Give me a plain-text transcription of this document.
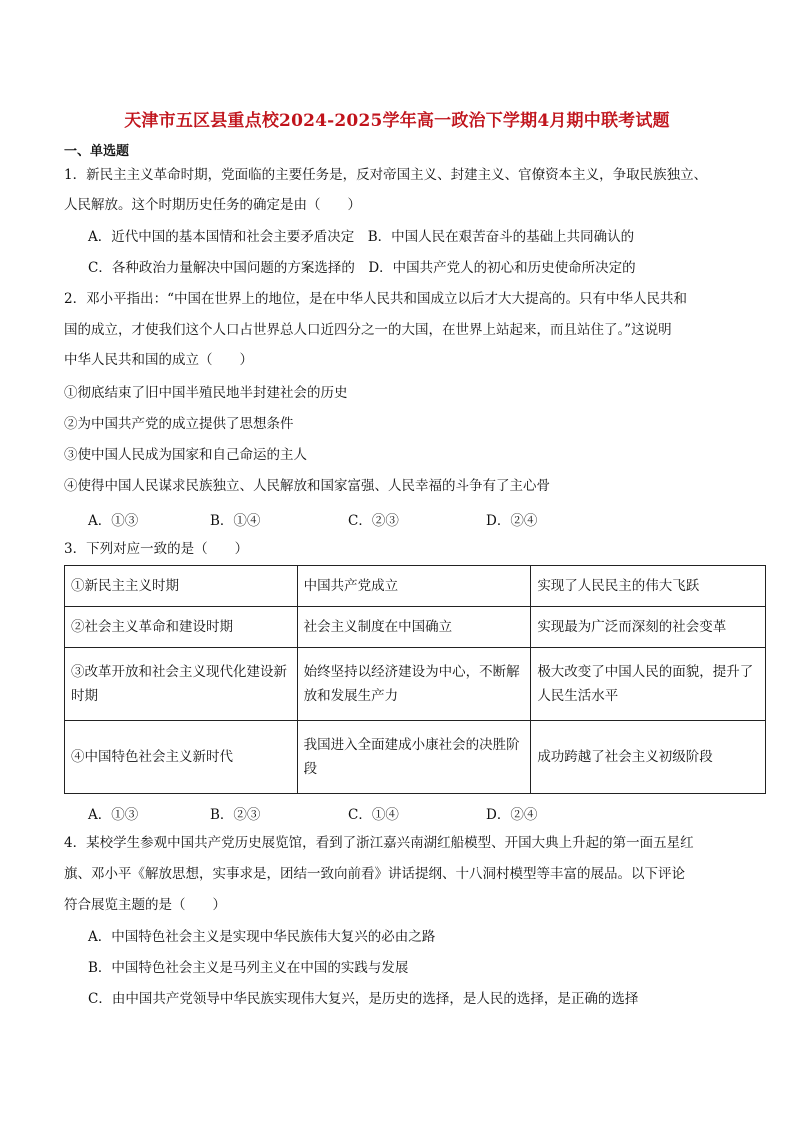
天津市五区县重点校2024-2025学年高一政治下学期4月期中联考试题
一、单选题
1．新民主主义革命时期，党面临的主要任务是，反对帝国主义、封建主义、官僚资本主义，争取民族独立、
人民解放。这个时期历史任务的确定是由（　　）
A．近代中国的基本国情和社会主要矛盾决定　B．中国人民在艰苦奋斗的基础上共同确认的
C．各种政治力量解决中国问题的方案选择的　D．中国共产党人的初心和历史使命所决定的
2．邓小平指出：“中国在世界上的地位，是在中华人民共和国成立以后才大大提高的。只有中华人民共和
国的成立，才使我们这个人口占世界总人口近四分之一的大国，在世界上站起来，而且站住了。”这说明
中华人民共和国的成立（　　）
①彻底结束了旧中国半殖民地半封建社会的历史
②为中国共产党的成立提供了思想条件
③使中国人民成为国家和自己命运的主人
④使得中国人民谋求民族独立、人民解放和国家富强、人民幸福的斗争有了主心骨
A．①③	B．①④	C．②③	D．②④
3．下列对应一致的是（　　）
①新民主主义时期	中国共产党成立	实现了人民民主的伟大飞跃
②社会主义革命和建设时期	社会主义制度在中国确立	实现最为广泛而深刻的社会变革
③改革开放和社会主义现代化建设新时期	始终坚持以经济建设为中心，不断解放和发展生产力	极大改变了中国人民的面貌，提升了人民生活水平
④中国特色社会主义新时代	我国进入全面建成小康社会的决胜阶段	成功跨越了社会主义初级阶段
A．①③	B．②③	C．①④	D．②④
4．某校学生参观中国共产党历史展览馆，看到了浙江嘉兴南湖红船模型、开国大典上升起的第一面五星红
旗、邓小平《解放思想，实事求是，团结一致向前看》讲话提纲、十八洞村模型等丰富的展品。以下评论
符合展览主题的是（　　）
A．中国特色社会主义是实现中华民族伟大复兴的必由之路
B．中国特色社会主义是马列主义在中国的实践与发展
C．由中国共产党领导中华民族实现伟大复兴，是历史的选择，是人民的选择，是正确的选择
